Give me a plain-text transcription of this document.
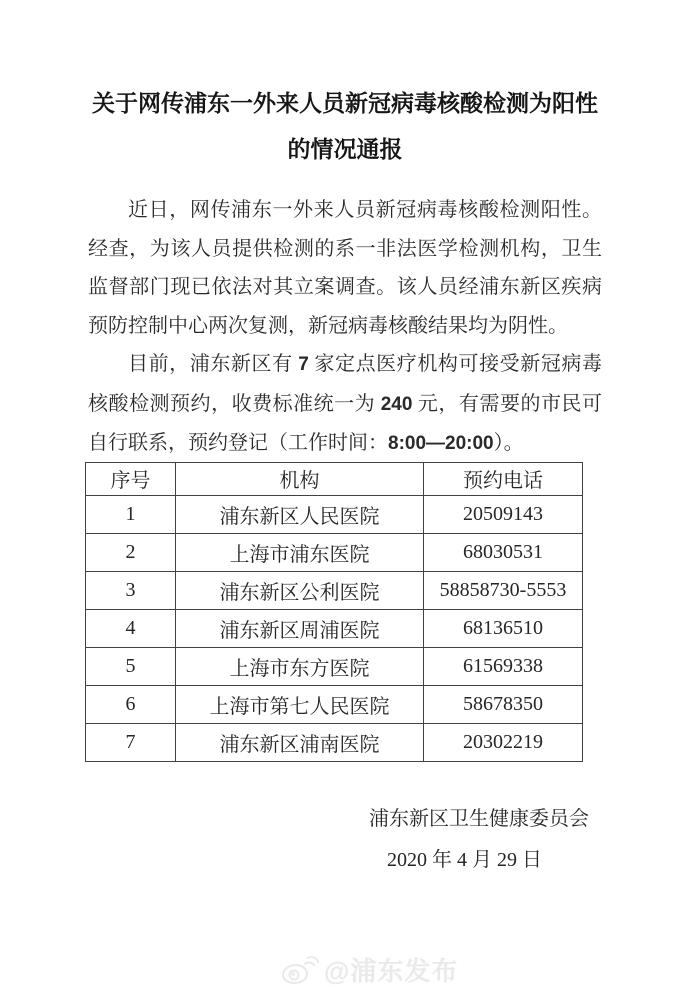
关于网传浦东一外来人员新冠病毒核酸检测为阳性
的情况通报

近日，网传浦东一外来人员新冠病毒核酸检测阳性。经查，为该人员提供检测的系一非法医学检测机构，卫生监督部门现已依法对其立案调查。该人员经浦东新区疾病预防控制中心两次复测，新冠病毒核酸结果均为阴性。

目前，浦东新区有 7 家定点医疗机构可接受新冠病毒核酸检测预约，收费标准统一为 240 元，有需要的市民可自行联系，预约登记（工作时间：8:00—20:00）。

序号	机构	预约电话
1	浦东新区人民医院	20509143
2	上海市浦东医院	68030531
3	浦东新区公利医院	58858730-5553
4	浦东新区周浦医院	68136510
5	上海市东方医院	61569338
6	上海市第七人民医院	58678350
7	浦东新区浦南医院	20302219
浦东新区卫生健康委员会
2020 年 4 月 29 日
@浦东发布
